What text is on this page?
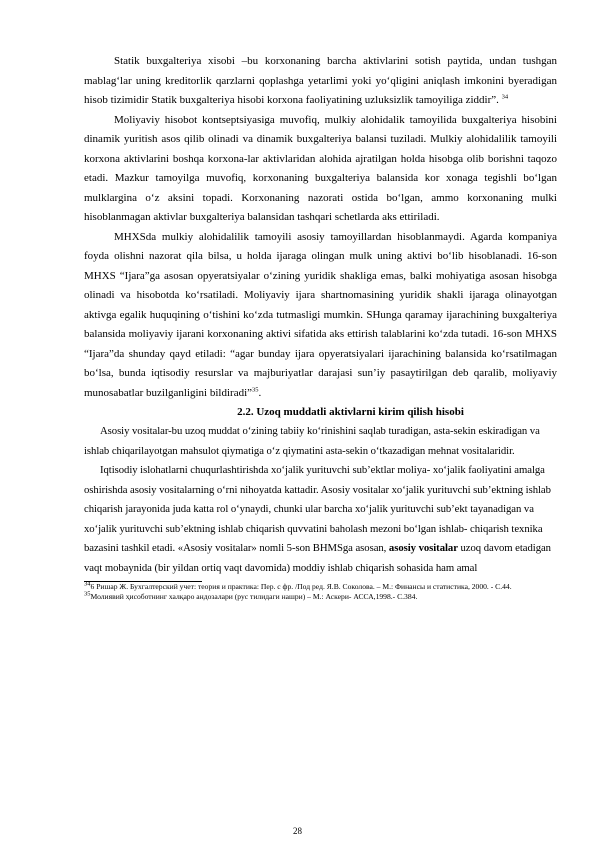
Statik buxgalteriya xisobi –bu korxonaning barcha aktivlarini sotish paytida, undan tushgan mablag‘lar uning kreditorlik qarzlarni qoplashga yetarlimi yoki yo‘qligini aniqlash imkonini byeradigan hisob tizimidir Statik buxgalteriya hisobi korxona faoliyatining uzluksizlik tamoyiliga ziddir”. $^{34}$

Moliyaviy hisobot kontseptsiyasiga muvofiq, mulkiy alohidalik tamoyilida buxgalteriya hisobini dinamik yuritish asos qilib olinadi va dinamik buxgalteriya balansi tuziladi. Mulkiy alohidalilik tamoyili korxona aktivlarini boshqa korxona-lar aktivlaridan alohida ajratilgan holda hisobga olib borishni taqozo etadi. Mazkur tamoyilga muvofiq, korxonaning buxgalteriya balansida kor xonaga tegishli bo‘lgan mulklargina o‘z aksini topadi. Korxonaning nazorati ostida bo‘lgan, ammo korxonaning mulki hisoblanmagan aktivlar buxgalteriya balansidan tashqari schetlarda aks ettiriladi.

MHXSda mulkiy alohidalilik tamoyili asosiy tamoyillardan hisoblanmaydi. Agarda kompaniya foyda olishni nazorat qila bilsa, u holda ijaraga olingan mulk uning aktivi bo‘lib hisoblanadi. 16-son MHXS “Ijara”ga asosan opyeratsiyalar o‘zining yuridik shakliga emas, balki mohiyatiga asosan hisobga olinadi va hisobotda ko‘rsatiladi. Moliyaviy ijara shartnomasining yuridik shakli ijaraga olinayotgan aktivga egalik huquqining o‘tishini ko‘zda tutmasligi mumkin. SHunga qaramay ijarachining buxgalteriya balansida moliyaviy ijarani korxonaning aktivi sifatida aks ettirish talablarini ko‘zda tutadi. 16-son MHXS “Ijara”da shunday qayd etiladi: “agar bunday ijara opyeratsiyalari ijarachining balansida ko‘rsatilmagan bo‘lsa, bunda iqtisodiy resurslar va majburiyatlar darajasi sun’iy pasaytirilgan deb qaralib, moliyaviy munosabatlar buzilganligini bildiradi”$^{35}$.

2.2. Uzoq muddatli aktivlarni kirim qilish hisobi

Asosiy vositalar-bu uzoq muddat o‘zining tabiiy ko‘rinishini saqlab turadigan, asta-sekin eskiradigan va ishlab chiqarilayotgan mahsulot qiymatiga o‘z qiymatini asta-sekin o‘tkazadigan mehnat vositalaridir.

Iqtisodiy islohatlarni chuqurlashtirishda xo‘jalik yurituvchi sub’ektlar moliya- xo‘jalik faoliyatini amalga oshirishda asosiy vositalarning o‘rni nihoyatda kattadir. Asosiy vositalar xo‘jalik yurituvchi sub’ektning ishlab chiqarish jarayonida juda katta rol o‘ynaydi, chunki ular barcha xo‘jalik yurituvchi sub’ekt tayanadigan va xo‘jalik yurituvchi sub’ektning ishlab chiqarish quvvatini baholash mezoni bo‘lgan ishlab- chiqarish texnika bazasini tashkil etadi. «Asosiy vositalar» nomli 5-son BHMSga asosan, asosiy vositalar uzoq davom etadigan vaqt mobaynida (bir yildan ortiq vaqt davomida) moddiy ishlab chiqarish sohasida ham amal

$^{34}$6 Ришар Ж. Бухгалтерский учет: теория и практика: Пер. с фр. /Под ред. Я.В. Соколова. – М.: Финансы и статистика, 2000. - С.44.

$^{35}$Молиявий ҳисоботнинг халқаро андозалари (рус тилидаги нашри) – М.: Аскери- АССА,1998.- С.384.

28
